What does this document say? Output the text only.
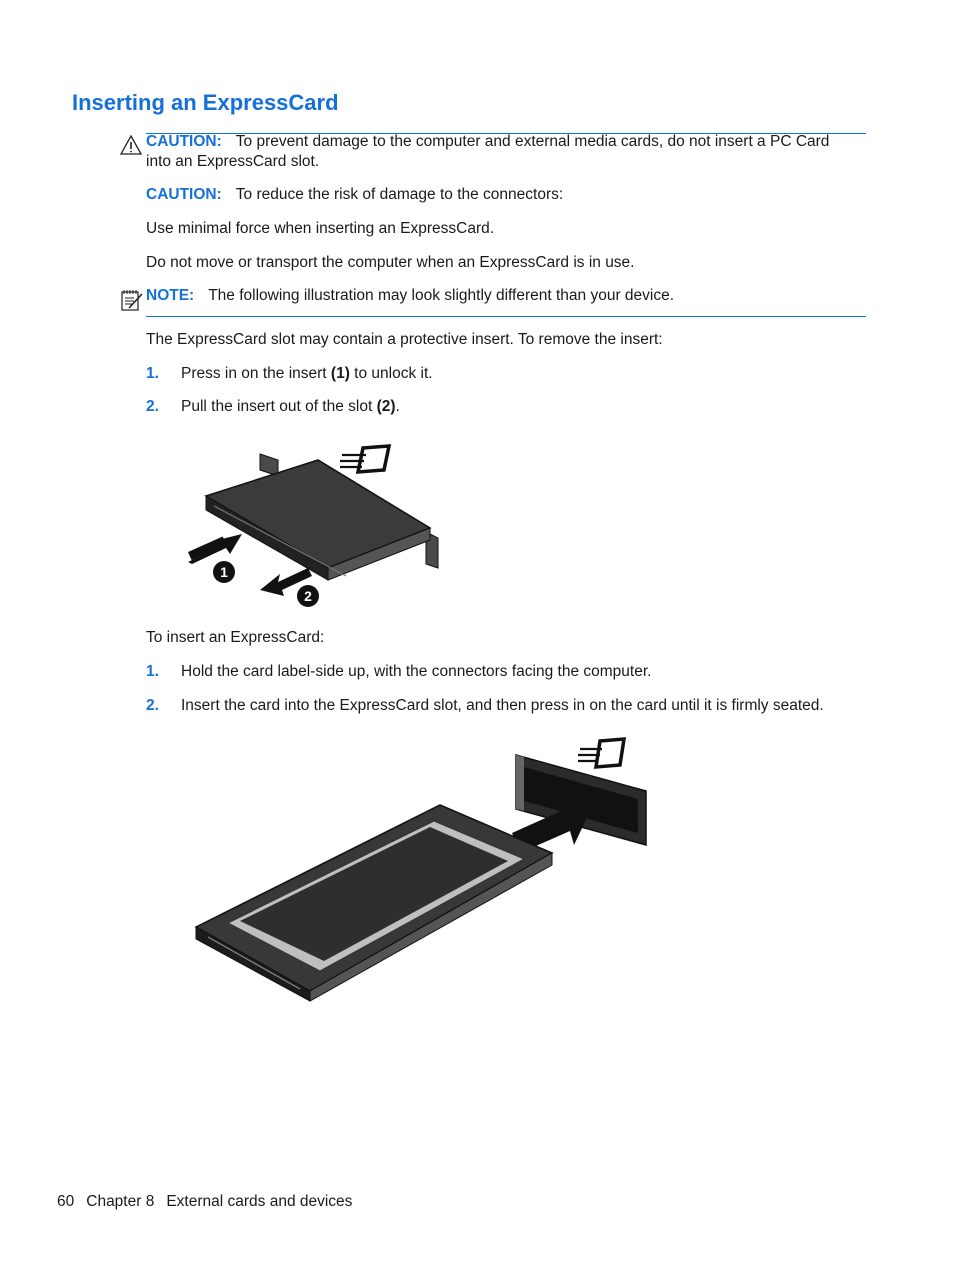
Inserting an ExpressCard
CAUTION: To prevent damage to the computer and external media cards, do not insert a PC Card
into an ExpressCard slot.
CAUTION: To reduce the risk of damage to the connectors:
Use minimal force when inserting an ExpressCard.
Do not move or transport the computer when an ExpressCard is in use.
NOTE: The following illustration may look slightly different than your device.
The ExpressCard slot may contain a protective insert. To remove the insert:
1. Press in on the insert (1) to unlock it.
2. Pull the insert out of the slot (2).
1
2
To insert an ExpressCard:
1. Hold the card label-side up, with the connectors facing the computer.
2. Insert the card into the ExpressCard slot, and then press in on the card until it is firmly seated.
60 Chapter 8 External cards and devices
